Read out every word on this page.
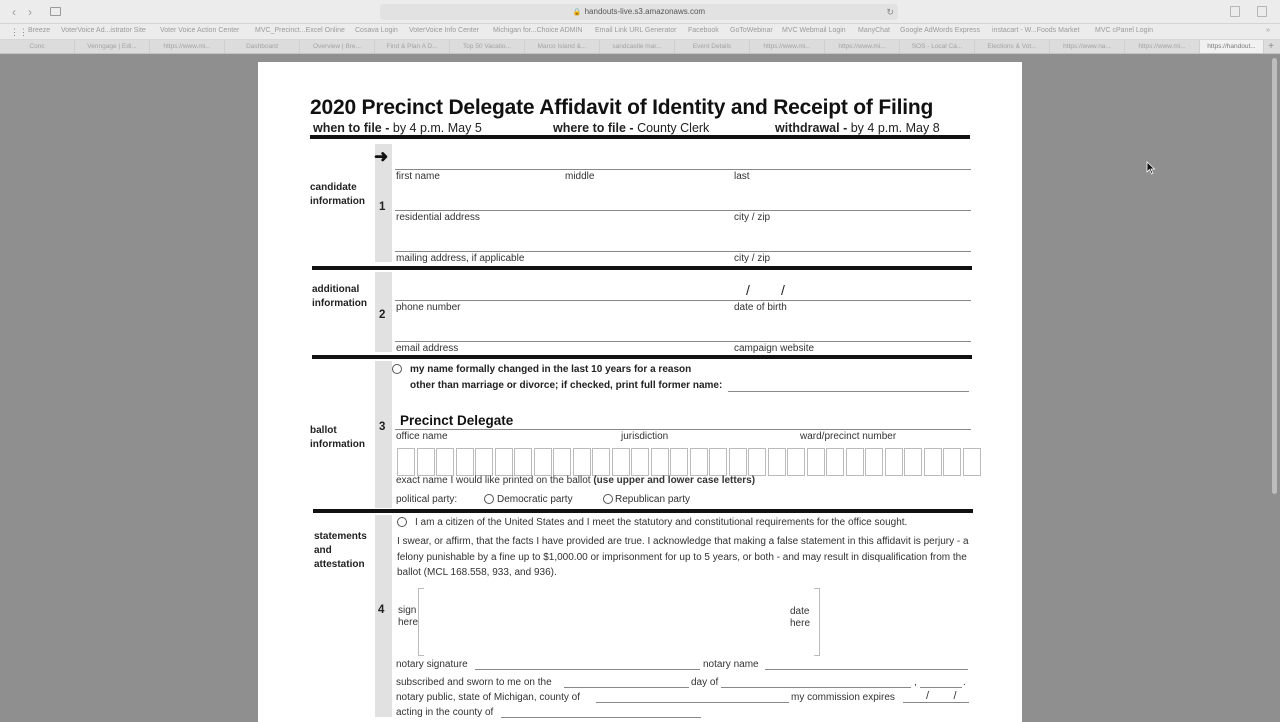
‹	›	🔒 handouts-live.s3.amazonaws.com	↻
⋮⋮ Breeze VoterVoice Ad...istrator Site Voter Voice Action Center MVC_Precinct...Excel Online Cosava Login VoterVoice Info Center Michigan for...Choice ADMIN Email Link URL Generator Facebook GoToWebinar MVC Webmail Login ManyChat Google AdWords Express instacart - W...Foods Market MVC cPanel Login	»
Conc	Venngage | Edi...	https://www.mi...	Dashboard	Overview | Bre...	Find & Plan A D...	Top 50 Vacatio...	Marco Island &...	sandcastle mar...	Event Details	https://www.mi...	https://www.mi...	SOS - Local Ca...	Elections & Vot...	https://www.na...	https://www.mi...	https://handout...	+
2020 Precinct Delegate Affidavit of Identity and Receipt of Filing
when to file - by 4 p.m. May 5	where to file - County Clerk	withdrawal - by 4 p.m. May 8
1
candidate
information
➜
first name	middle	last
residential address	city / zip
mailing address, if applicable	city / zip
2
additional
information
/        /
phone number	date of birth
email address	campaign website
3
ballot
information
my name formally changed in the last 10 years for a reason
other than marriage or divorce; if checked, print full former name:
Precinct Delegate
office name	jurisdiction	ward/precinct number
exact name I would like printed on the ballot (use upper and lower case letters)
political party:	Democratic party	Republican party
4
statements
and
attestation
I am a citizen of the United States and I meet the statutory and constitutional requirements for the office sought.
I swear, or affirm, that the facts I have provided are true. I acknowledge that making a false statement in this affidavit is perjury - a
felony punishable by a fine up to $1,000.00 or imprisonment for up to 5 years, or both - and may result in disqualification from the
ballot (MCL 168.558, 933, and 936).
sign
here
date
here
notary signature	notary name
subscribed and sworn to me on the	day of	,	.
notary public, state of Michigan, county of	my commission expires	/        /
acting in the county of
